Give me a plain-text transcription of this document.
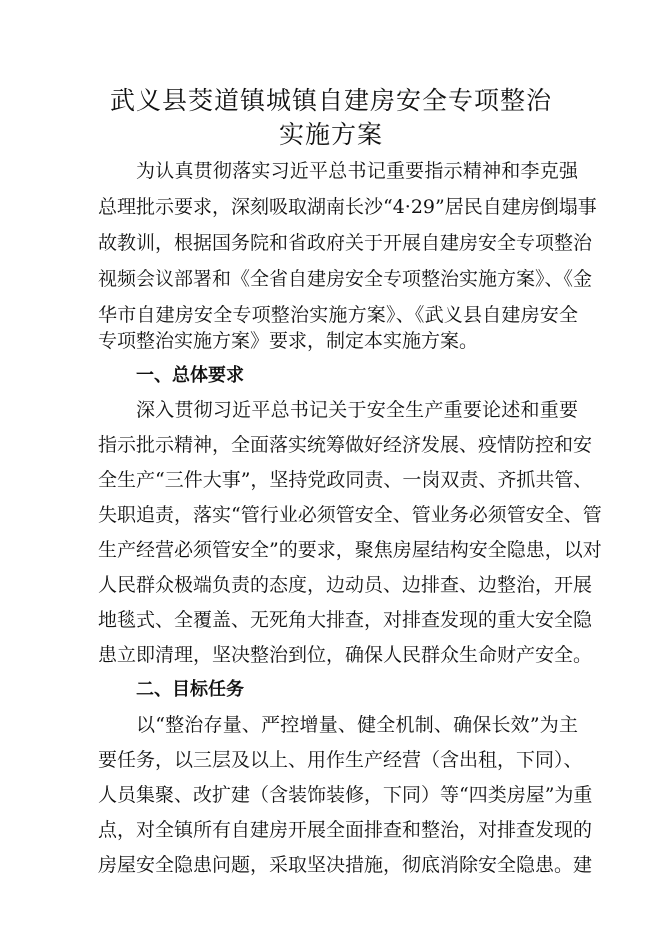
武义县茭道镇城镇自建房安全专项整治
实施方案
为认真贯彻落实习近平总书记重要指示精神和李克强
总理批示要求，深刻吸取湖南长沙“4·29”居民自建房倒塌事
故教训，根据国务院和省政府关于开展自建房安全专项整治
视频会议部署和《全省自建房安全专项整治实施方案》、《金
华市自建房安全专项整治实施方案》、《武义县自建房安全
专项整治实施方案》要求，制定本实施方案。
一、总体要求
深入贯彻习近平总书记关于安全生产重要论述和重要
指示批示精神，全面落实统筹做好经济发展、疫情防控和安
全生产“三件大事”，坚持党政同责、一岗双责、齐抓共管、
失职追责，落实“管行业必须管安全、管业务必须管安全、管
生产经营必须管安全”的要求，聚焦房屋结构安全隐患，以对
人民群众极端负责的态度，边动员、边排查、边整治，开展
地毯式、全覆盖、无死角大排查，对排查发现的重大安全隐
患立即清理，坚决整治到位，确保人民群众生命财产安全。
二、目标任务
以“整治存量、严控增量、健全机制、确保长效”为主
要任务，以三层及以上、用作生产经营（含出租，下同）、
人员集聚、改扩建（含装饰装修，下同）等“四类房屋”为重
点，对全镇所有自建房开展全面排查和整治，对排查发现的
房屋安全隐患问题，采取坚决措施，彻底消除安全隐患。建
